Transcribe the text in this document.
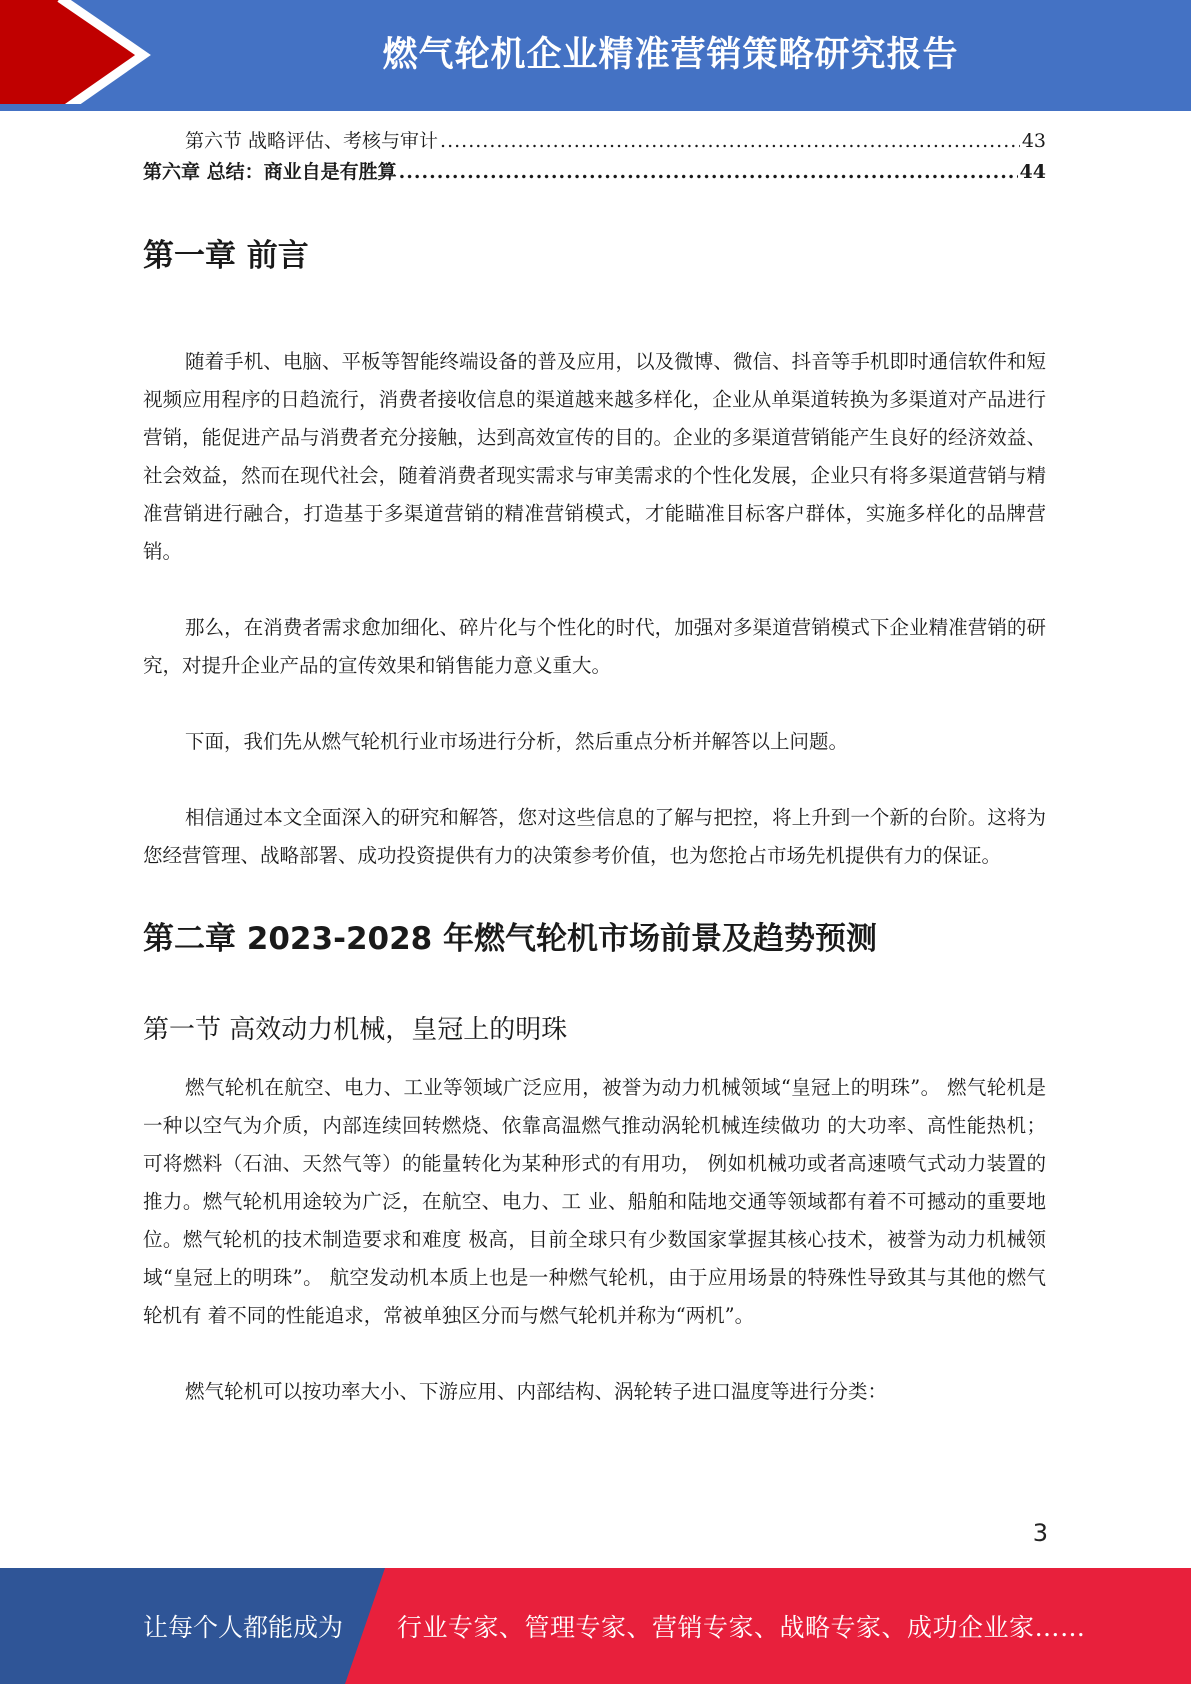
燃气轮机企业精准营销策略研究报告
第六节 战略评估、考核与审计 .....	43
第六章 总结：商业自是有胜算 .....	44
第一章 前言

随着手机、电脑、平板等智能终端设备的普及应用，以及微博、微信、抖音等手机即时通信软件和短视频应用程序的日趋流行，消费者接收信息的渠道越来越多样化，企业从单渠道转换为多渠道对产品进行营销，能促进产品与消费者充分接触，达到高效宣传的目的。企业的多渠道营销能产生良好的经济效益、社会效益，然而在现代社会，随着消费者现实需求与审美需求的个性化发展，企业只有将多渠道营销与精准营销进行融合，打造基于多渠道营销的精准营销模式，才能瞄准目标客户群体，实施多样化的品牌营销。

那么，在消费者需求愈加细化、碎片化与个性化的时代，加强对多渠道营销模式下企业精准营销的研究，对提升企业产品的宣传效果和销售能力意义重大。

下面，我们先从燃气轮机行业市场进行分析，然后重点分析并解答以上问题。

相信通过本文全面深入的研究和解答，您对这些信息的了解与把控，将上升到一个新的台阶。这将为您经营管理、战略部署、成功投资提供有力的决策参考价值，也为您抢占市场先机提供有力的保证。

第二章 2023-2028 年燃气轮机市场前景及趋势预测
第一节 高效动力机械，皇冠上的明珠

燃气轮机在航空、电力、工业等领域广泛应用，被誉为动力机械领域“皇冠上的明珠”。 燃气轮机是一种以空气为介质，内部连续回转燃烧、依靠高温燃气推动涡轮机械连续做功 的大功率、高性能热机；可将燃料（石油、天然气等）的能量转化为某种形式的有用功， 例如机械功或者高速喷气式动力装置的推力。燃气轮机用途较为广泛，在航空、电力、工 业、船舶和陆地交通等领域都有着不可撼动的重要地位。燃气轮机的技术制造要求和难度 极高，目前全球只有少数国家掌握其核心技术，被誉为动力机械领域“皇冠上的明珠”。 航空发动机本质上也是一种燃气轮机，由于应用场景的特殊性导致其与其他的燃气轮机有 着不同的性能追求，常被单独区分而与燃气轮机并称为“两机”。

燃气轮机可以按功率大小、下游应用、内部结构、涡轮转子进口温度等进行分类：

3
让每个人都能成为 行业专家、管理专家、营销专家、战略专家、成功企业家……
